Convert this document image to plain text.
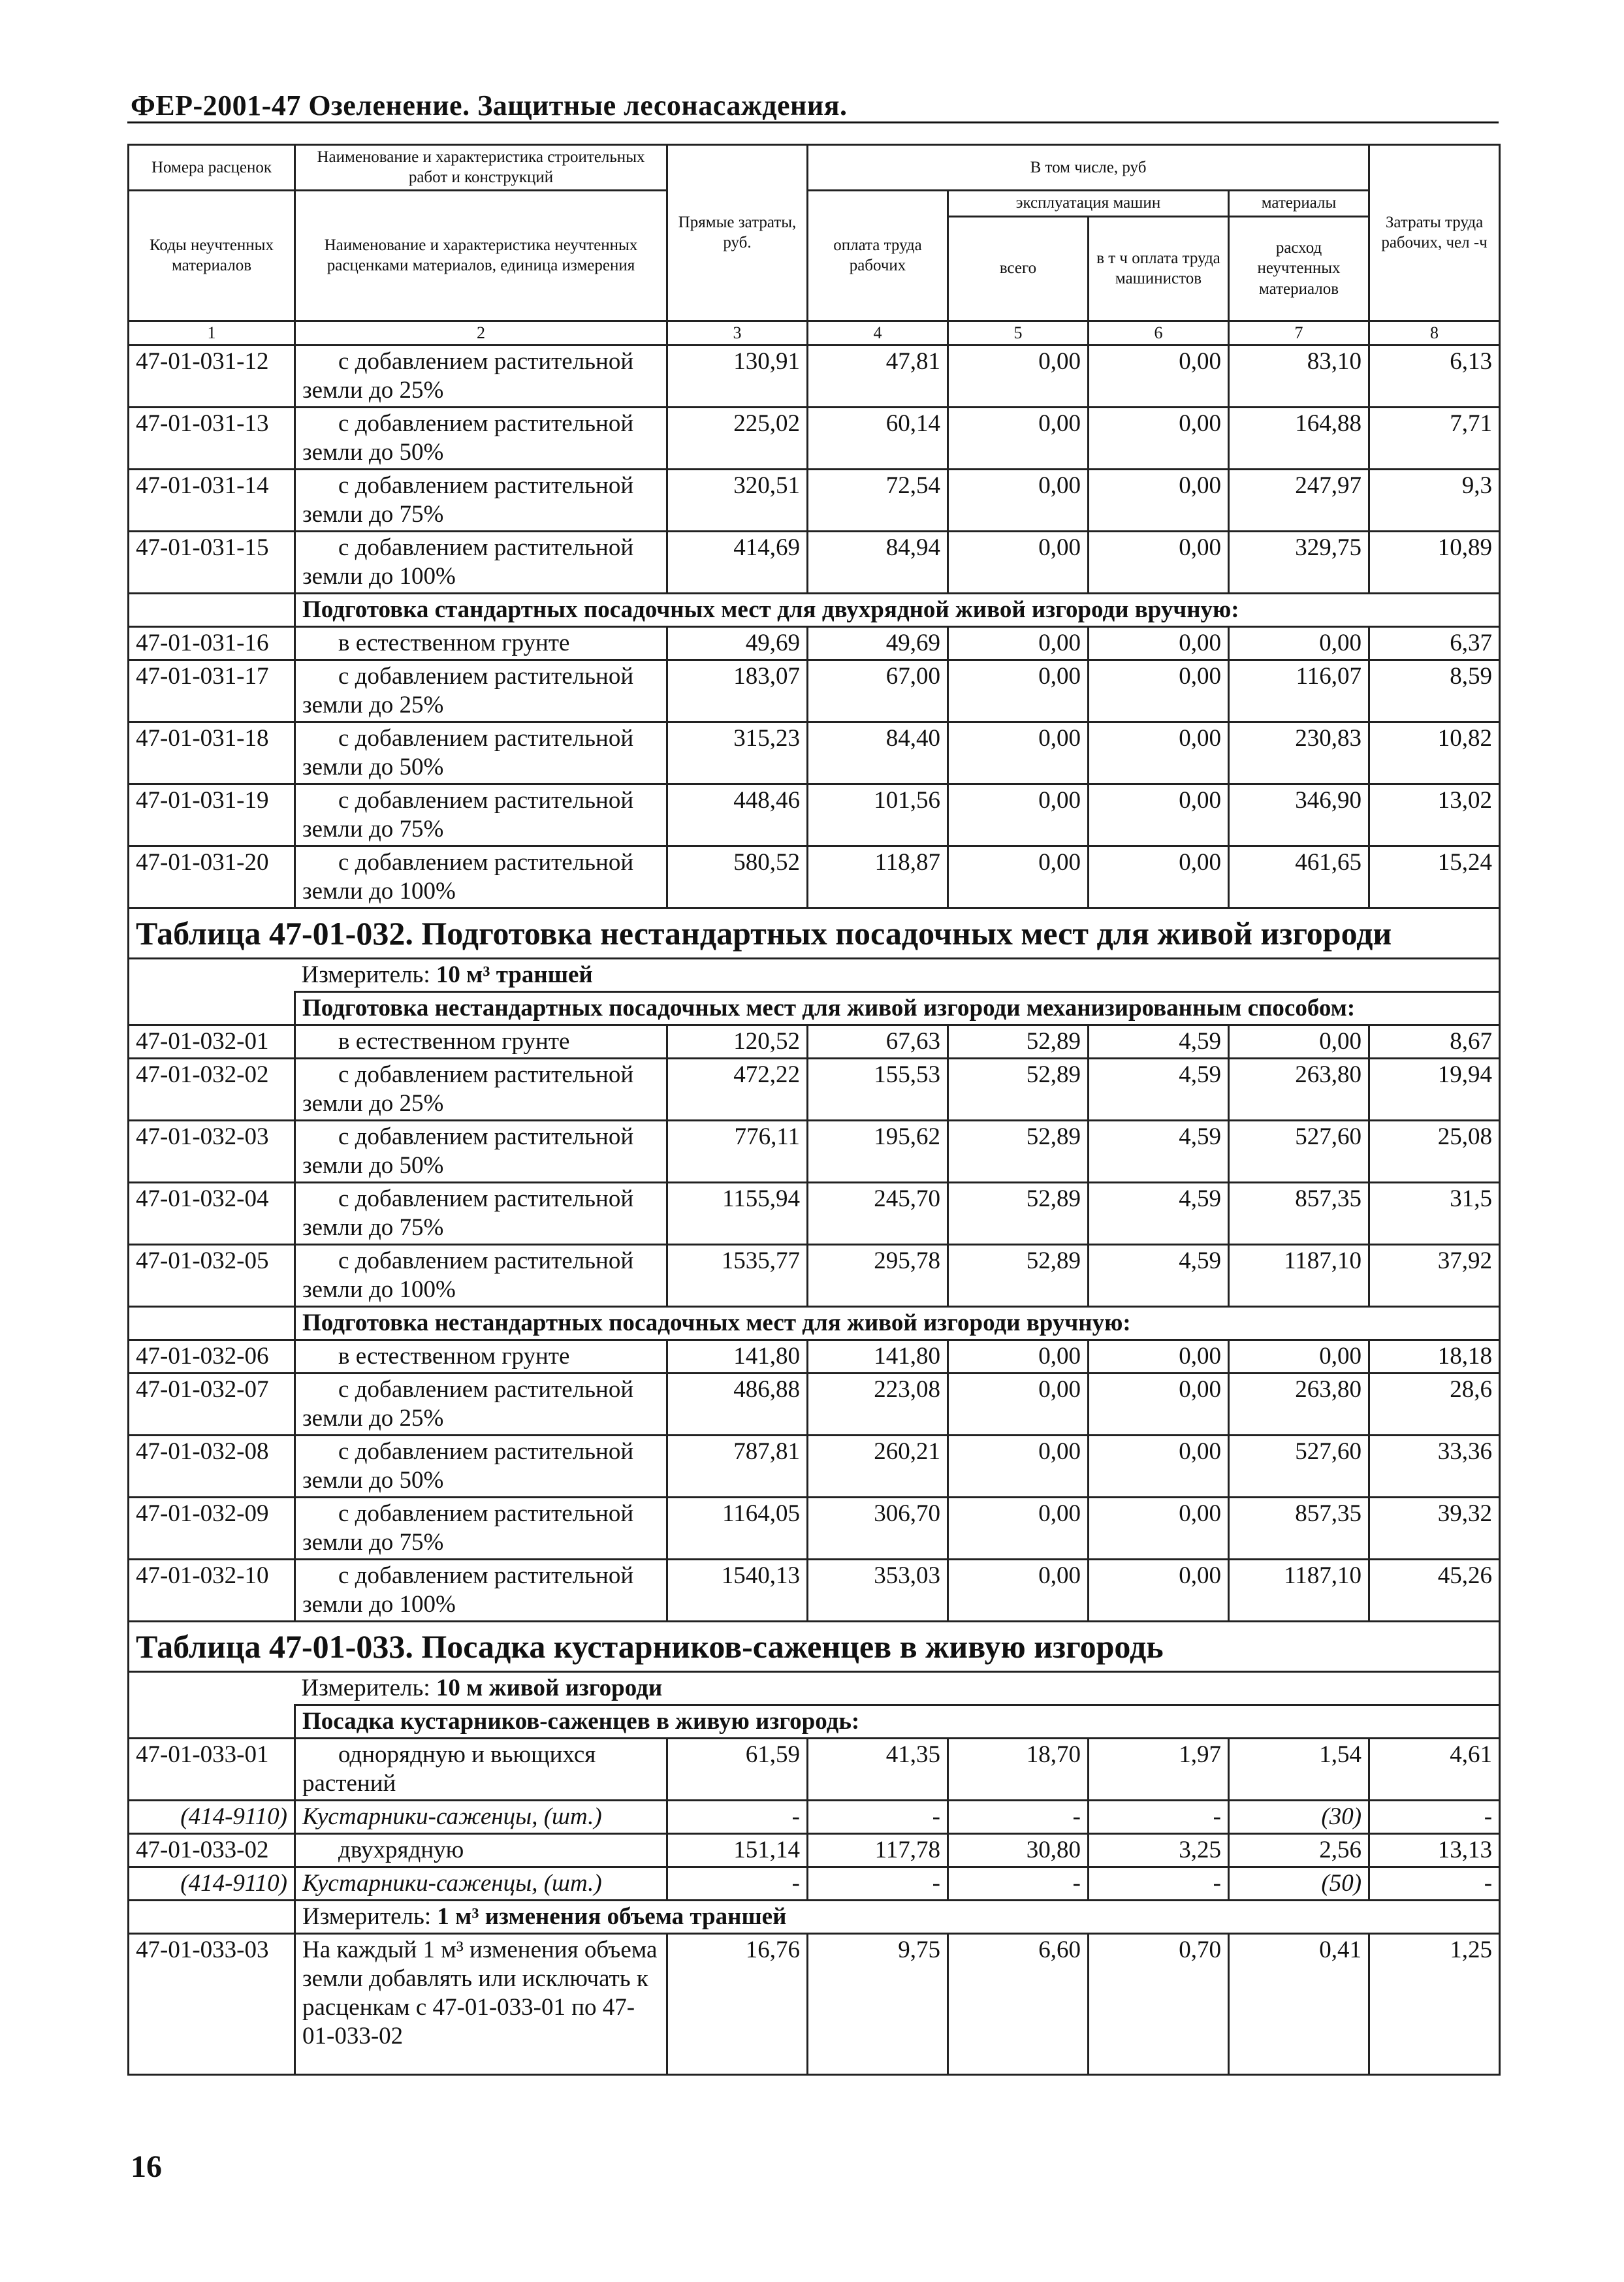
ФЕР-2001-47 Озеленение. Защитные лесонасаждения.
Номера расценок	Наименование и характеристика строительных работ и конструкций	Прямые затраты, руб.	В том числе, руб				Затраты труда рабочих, чел -ч
Коды неучтенных материалов	Наименование и характеристика неучтенных расценками материалов, единица измерения		оплата труда рабочих	эксплуатация машин		материалы	
				всего	в т ч оплата труда машинистов	расход неучтенных материалов	
1	2	3	4	5	6	7	8
47-01-031-12	с добавлением растительной
земли до 25%	130,91	47,81	0,00	0,00	83,10	6,13
47-01-031-13	с добавлением растительной
земли до 50%	225,02	60,14	0,00	0,00	164,88	7,71
47-01-031-14	с добавлением растительной
земли до 75%	320,51	72,54	0,00	0,00	247,97	9,3
47-01-031-15	с добавлением растительной
земли до 100%	414,69	84,94	0,00	0,00	329,75	10,89
	Подготовка стандартных посадочных мест для двухрядной живой изгороди вручную:						
47-01-031-16	в естественном грунте	49,69	49,69	0,00	0,00	0,00	6,37
47-01-031-17	с добавлением растительной
земли до 25%	183,07	67,00	0,00	0,00	116,07	8,59
47-01-031-18	с добавлением растительной
земли до 50%	315,23	84,40	0,00	0,00	230,83	10,82
47-01-031-19	с добавлением растительной
земли до 75%	448,46	101,56	0,00	0,00	346,90	13,02
47-01-031-20	с добавлением растительной
земли до 100%	580,52	118,87	0,00	0,00	461,65	15,24
Таблица 47-01-032. Подготовка нестандартных посадочных мест для живой изгороди							
	Измеритель: 10 м³ траншей						
	Подготовка нестандартных посадочных мест для живой изгороди механизированным способом:						
47-01-032-01	в естественном грунте	120,52	67,63	52,89	4,59	0,00	8,67
47-01-032-02	с добавлением растительной
земли до 25%	472,22	155,53	52,89	4,59	263,80	19,94
47-01-032-03	с добавлением растительной
земли до 50%	776,11	195,62	52,89	4,59	527,60	25,08
47-01-032-04	с добавлением растительной
земли до 75%	1155,94	245,70	52,89	4,59	857,35	31,5
47-01-032-05	с добавлением растительной
земли до 100%	1535,77	295,78	52,89	4,59	1187,10	37,92
	Подготовка нестандартных посадочных мест для живой изгороди вручную:						
47-01-032-06	в естественном грунте	141,80	141,80	0,00	0,00	0,00	18,18
47-01-032-07	с добавлением растительной
земли до 25%	486,88	223,08	0,00	0,00	263,80	28,6
47-01-032-08	с добавлением растительной
земли до 50%	787,81	260,21	0,00	0,00	527,60	33,36
47-01-032-09	с добавлением растительной
земли до 75%	1164,05	306,70	0,00	0,00	857,35	39,32
47-01-032-10	с добавлением растительной
земли до 100%	1540,13	353,03	0,00	0,00	1187,10	45,26
Таблица 47-01-033. Посадка кустарников-саженцев в живую изгородь							
	Измеритель: 10 м живой изгороди						
	Посадка кустарников-саженцев в живую изгородь:						
47-01-033-01	однорядную и вьющихся
растений	61,59	41,35	18,70	1,97	1,54	4,61
(414-9110)	Кустарники-саженцы, (шт.)	-	-	-	-	(30)	-
47-01-033-02	двухрядную	151,14	117,78	30,80	3,25	2,56	13,13
(414-9110)	Кустарники-саженцы, (шт.)	-	-	-	-	(50)	-
	Измеритель: 1 м³ изменения объема траншей						
47-01-033-03	На каждый 1 м³ изменения объема
земли добавлять или исключать к
расценкам с 47-01-033-01 по 47-
01-033-02	16,76	9,75	6,60	0,70	0,41	1,25
16
